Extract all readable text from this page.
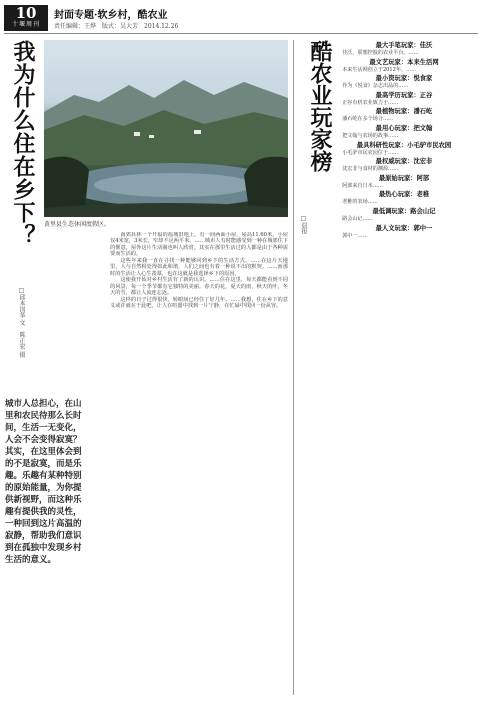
10
十堰周刊
封面专题·软乡村，酷农业
责任编辑：王烨　版式：吴大芳　2014.12.26
我为什么住在乡下？
□邱本国华 文　陈正宏 摄
城市人总担心，在山里和农民待那么长时间，生活一无变化，人会不会变得寂寞？其实，在这里体会到的不是寂寞，而是乐趣。乐趣有某种特别的原始能量，为你提供新视野，而这种乐趣有提供我的灵性，一种回到这片高温的寂静，帮助我们意识到在孤独中发现乡村生活的意义。
黄里县生态休闲度假区。

南郊县林一个开福的福城旧地上，有一间两面小屋，屋高11.60米，小屋仅4米宽，3米长，窄却不足两平米。……城市人有时能感受到一种在城郊住下的惬意，屋外这片生活圈也叫人欣赏。其实在那里生活过的人都是由于各种需要而生活的。

这些年来我一直在寻找一种能够回到乡下的生活方式。……在这片天地里，人与自然相处得如此和谐，人们之间也有着一种说不出的默契。……而那时的生活让人心生羡慕，也许这就是我选择乡下的原因。

这使我开始对乡村生活有了新的认识。……住在这里，每天都能看到不同的风景，每一个季节都有它独特的美丽。春天的花，夏天的雨，秋天的叶，冬天的雪，都让人流连忘返。

这样的日子过得很快，转眼间已经住了好几年。……我想，住在乡下的意义或许就在于此吧，让人在喧嚣中找到一片宁静，在忙碌中找回一份从容。

酷农业玩家榜
□晨报
最大手笔玩家：佳沃

佳沃，联想控股的农业平台。……

最文艺玩家：本来生活网

本来生活网创立于2012年。……

最小资玩家：悦食家

作为《悦食》杂志出品的……

最高学历玩家：正谷

正谷有机农业致力于……

最植物玩家：潘石屹

潘石屹在多个场合……

最用心玩家：把文翰

把文翰与农场的故事……

最具科研性玩家：小毛驴市民农园

小毛驴市民农园位于……

最权威玩家：沈宏非

沈宏非与食材的渊源……

最原始玩家：阿部

阿部来自日本……

最热心玩家：老稚

老稚的农场……

最低调玩家：路会山记

路会山记……

最人文玩家：郭中一

郭中一……
